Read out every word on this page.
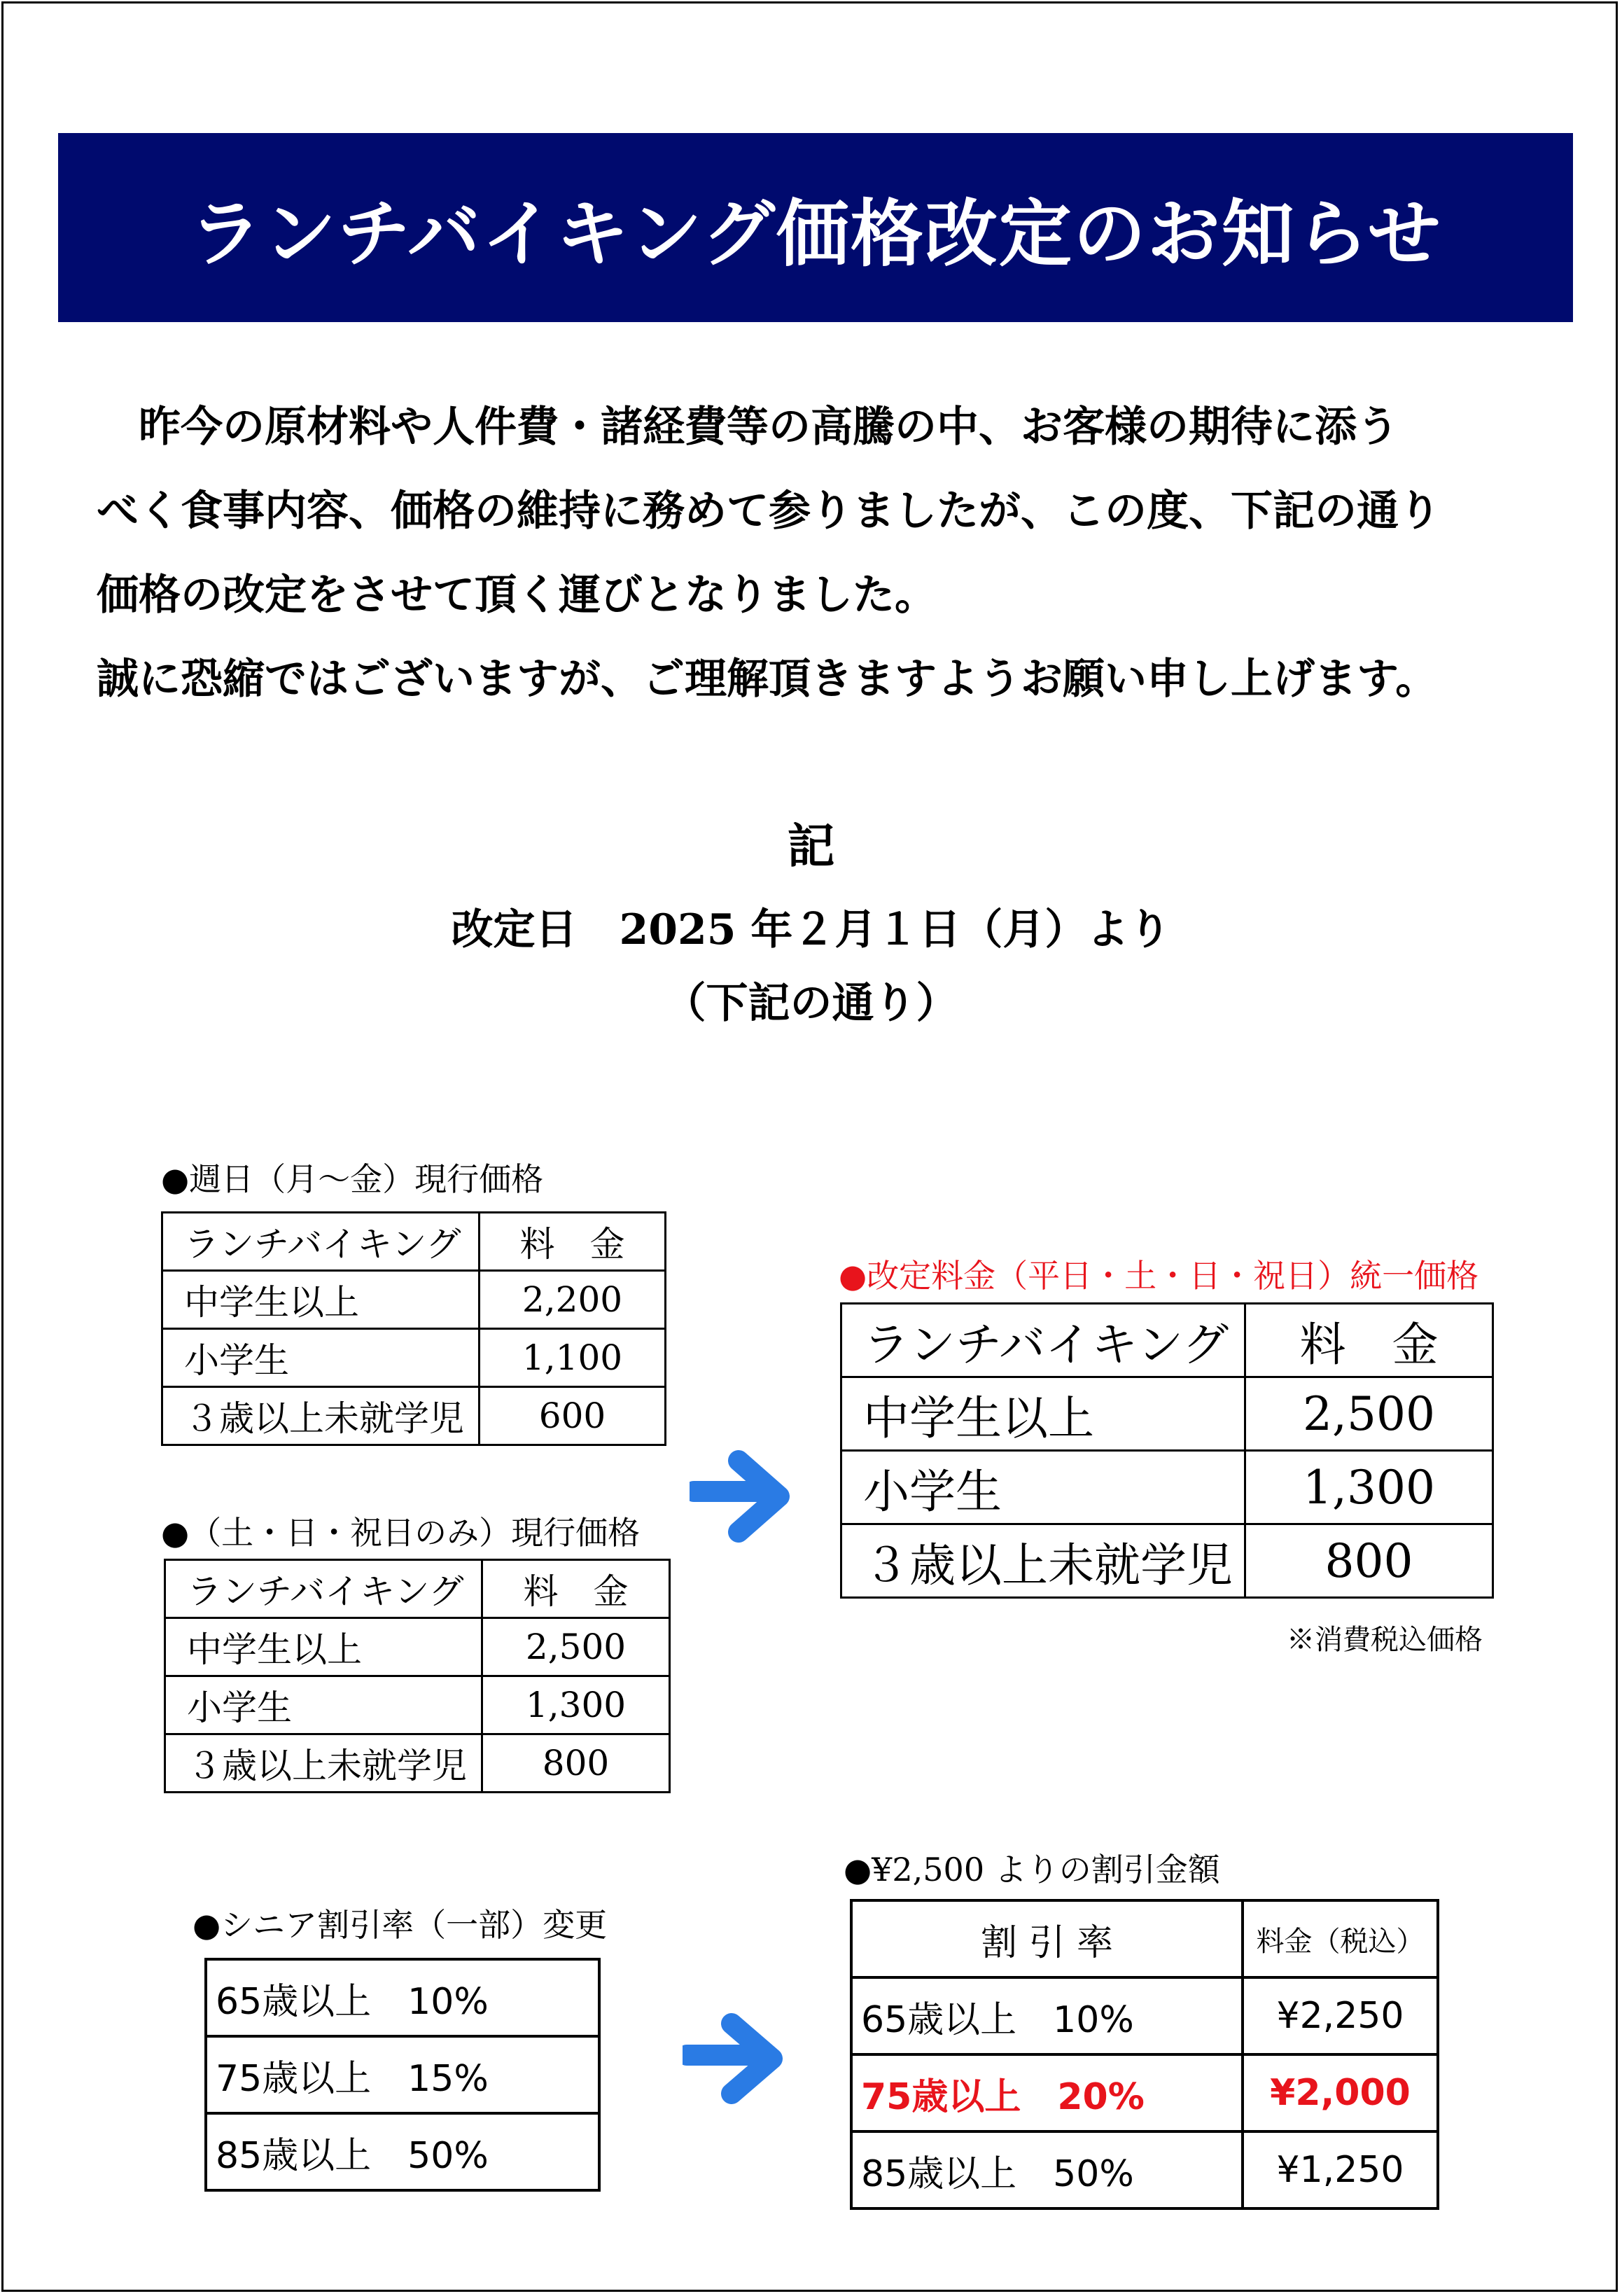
ランチバイキング価格改定のお知らせ

　昨今の原材料や人件費・諸経費等の高騰の中、お客様の期待に添う

べく食事内容、価格の維持に務めて参りましたが、この度、下記の通り

価格の改定をさせて頂く運びとなりました。

誠に恐縮ではございますが、ご理解頂きますようお願い申し上げます。

記
改定日　2025 年２月１日（月）より
（下記の通り）
●週日（月～金）現行価格
ランチバイキング	料　金
中学生以上	2,200
小学生	1,100
３歳以上未就学児	600
●（土・日・祝日のみ）現行価格
ランチバイキング	料　金
中学生以上	2,500
小学生	1,300
３歳以上未就学児	800
●改定料金（平日・土・日・祝日）統一価格
ランチバイキング	料　金
中学生以上	2,500
小学生	1,300
３歳以上未就学児	800
※消費税込価格
●シニア割引率（一部）変更
65歳以上　10%
75歳以上　15%
85歳以上　50%
●¥2,500 よりの割引金額
割 引 率	料金（税込）
65歳以上　10%	¥2,250
75歳以上　20%	¥2,000
85歳以上　50%	¥1,250
